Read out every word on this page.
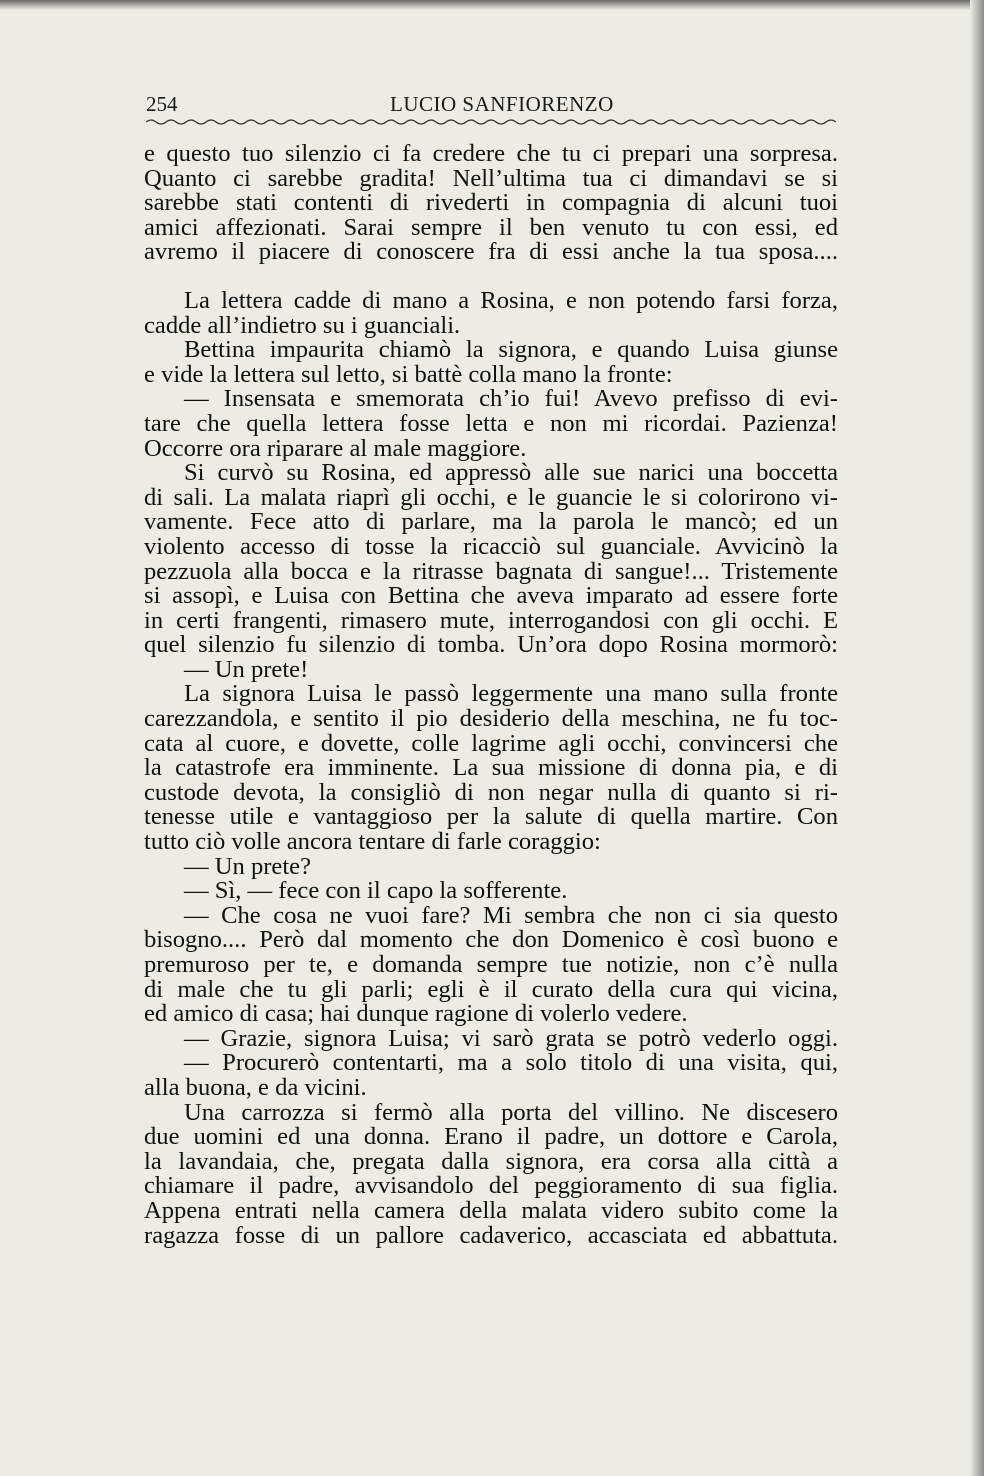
254	LUCIO SANFIORENZO
e questo tuo silenzio ci fa credere che tu ci prepari una sorpresa.
Quanto ci sarebbe gradita! Nell’ultima tua ci dimandavi se si
sarebbe stati contenti di rivederti in compagnia di alcuni tuoi
amici affezionati. Sarai sempre il ben venuto tu con essi, ed
avremo il piacere di conoscere fra di essi anche la tua sposa....
La lettera cadde di mano a Rosina, e non potendo farsi forza,
cadde all’indietro su i guanciali.
Bettina impaurita chiamò la signora, e quando Luisa giunse
e vide la lettera sul letto, si battè colla mano la fronte:
— Insensata e smemorata ch’io fui! Avevo prefisso di evi-
tare che quella lettera fosse letta e non mi ricordai. Pazienza!
Occorre ora riparare al male maggiore.
Si curvò su Rosina, ed appressò alle sue narici una boccetta
di sali. La malata riaprì gli occhi, e le guancie le si colorirono vi-
vamente. Fece atto di parlare, ma la parola le mancò; ed un
violento accesso di tosse la ricacciò sul guanciale. Avvicinò la
pezzuola alla bocca e la ritrasse bagnata di sangue!... Tristemente
si assopì, e Luisa con Bettina che aveva imparato ad essere forte
in certi frangenti, rimasero mute, interrogandosi con gli occhi. E
quel silenzio fu silenzio di tomba. Un’ora dopo Rosina mormorò:
— Un prete!
La signora Luisa le passò leggermente una mano sulla fronte
carezzandola, e sentito il pio desiderio della meschina, ne fu toc-
cata al cuore, e dovette, colle lagrime agli occhi, convincersi che
la catastrofe era imminente. La sua missione di donna pia, e di
custode devota, la consigliò di non negar nulla di quanto si ri-
tenesse utile e vantaggioso per la salute di quella martire. Con
tutto ciò volle ancora tentare di farle coraggio:
— Un prete?
— Sì, — fece con il capo la sofferente.
— Che cosa ne vuoi fare? Mi sembra che non ci sia questo
bisogno.... Però dal momento che don Domenico è così buono e
premuroso per te, e domanda sempre tue notizie, non c’è nulla
di male che tu gli parli; egli è il curato della cura qui vicina,
ed amico di casa; hai dunque ragione di volerlo vedere.
— Grazie, signora Luisa; vi sarò grata se potrò vederlo oggi.
— Procurerò contentarti, ma a solo titolo di una visita, qui,
alla buona, e da vicini.
Una carrozza si fermò alla porta del villino. Ne discesero
due uomini ed una donna. Erano il padre, un dottore e Carola,
la lavandaia, che, pregata dalla signora, era corsa alla città a
chiamare il padre, avvisandolo del peggioramento di sua figlia.
Appena entrati nella camera della malata videro subito come la
ragazza fosse di un pallore cadaverico, accasciata ed abbattuta.
